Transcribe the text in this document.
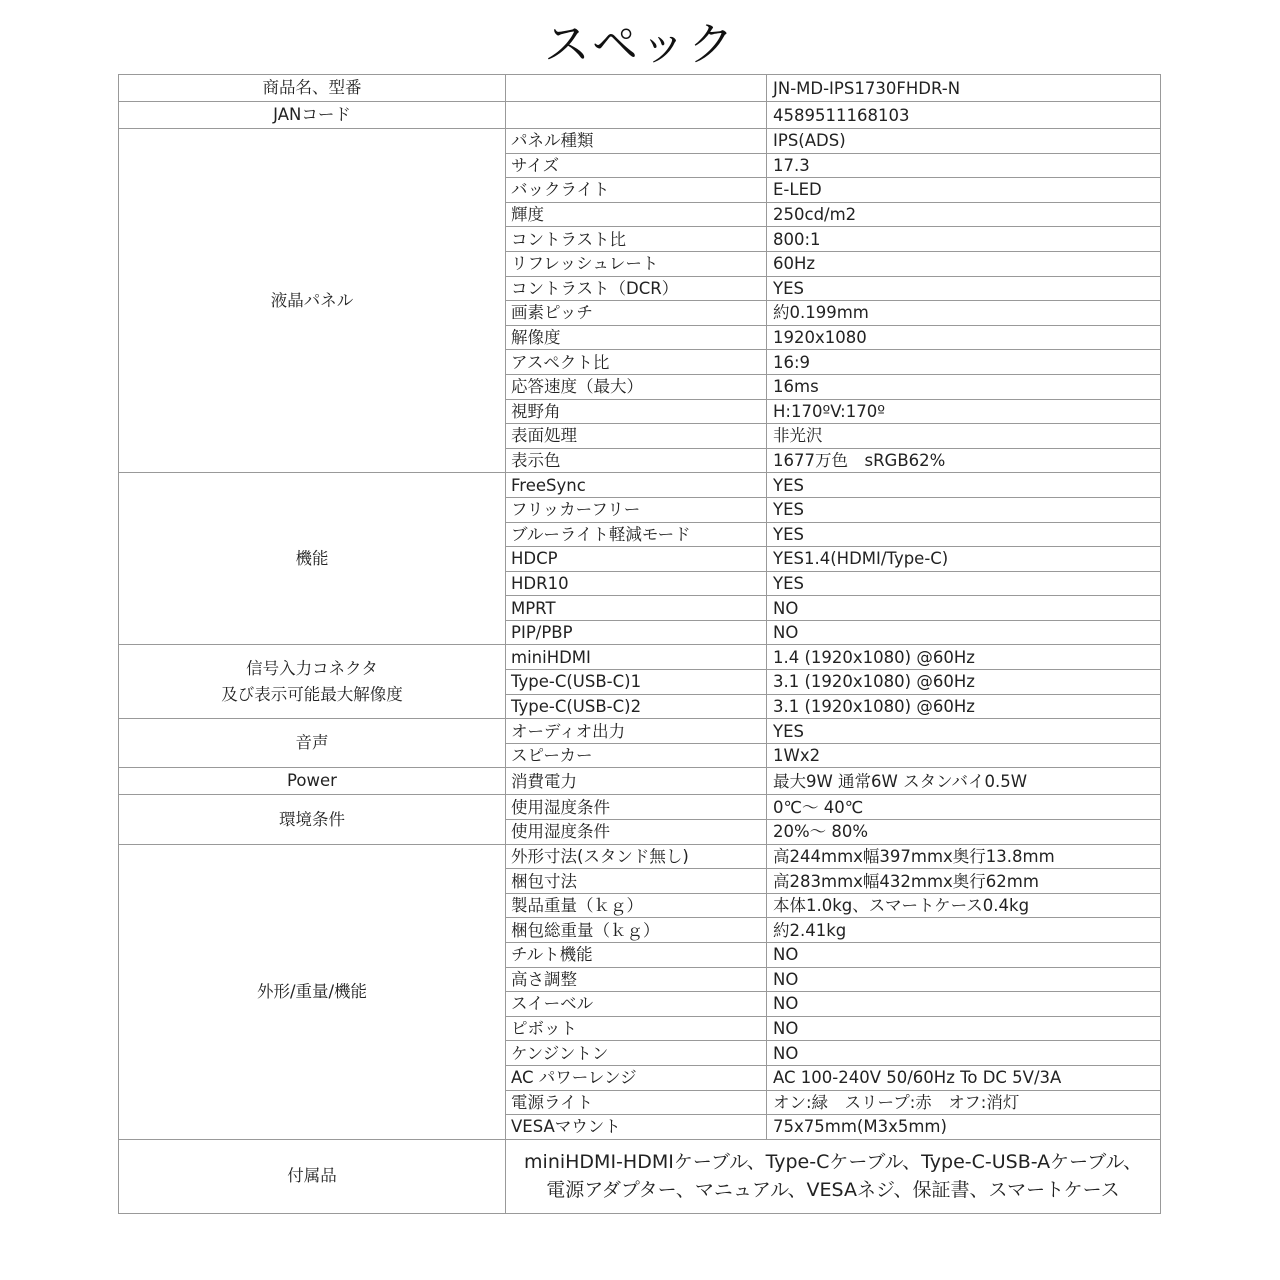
スペック
商品名、型番		JN-MD-IPS1730FHDR-N
JANコード		4589511168103
液晶パネル	パネル種類	IPS(ADS)
	サイズ	17.3
	バックライト	E-LED
	輝度	250cd/m2
	コントラスト比	800:1
	リフレッシュレート	60Hz
	コントラスト（DCR）	YES
	画素ピッチ	約0.199mm
	解像度	1920x1080
	アスペクト比	16:9
	応答速度（最大）	16ms
	視野角	H:170ºV:170º
	表面処理	非光沢
	表示色	1677万色　sRGB62%
機能	FreeSync	YES
	フリッカーフリー	YES
	ブルーライト軽減モード	YES
	HDCP	YES1.4(HDMI/Type-C)
	HDR10	YES
	MPRT	NO
	PIP/PBP	NO
信号入力コネクタ
及び表示可能最大解像度	miniHDMI	1.4 (1920x1080) @60Hz
	Type-C(USB-C)1	3.1 (1920x1080) @60Hz
	Type-C(USB-C)2	3.1 (1920x1080) @60Hz
音声	オーディオ出力	YES
	スピーカー	1Wx2
Power	消費電力	最大9W 通常6W スタンバイ0.5W
環境条件	使用湿度条件	0℃～ 40℃
	使用湿度条件	20%～ 80%
外形/重量/機能	外形寸法(スタンド無し)	高244mmx幅397mmx奥行13.8mm
	梱包寸法	高283mmx幅432mmx奥行62mm
	製品重量（ｋｇ）	本体1.0kg、スマートケース0.4kg
	梱包総重量（ｋｇ）	約2.41kg
	チルト機能	NO
	高さ調整	NO
	スイーベル	NO
	ピボット	NO
	ケンジントン	NO
	AC パワーレンジ	AC 100-240V 50/60Hz To DC 5V/3A
	電源ライト	オン:緑　スリープ:赤　オフ:消灯
	VESAマウント	75x75mm(M3x5mm)
付属品	miniHDMI-HDMIケーブル、Type-Cケーブル、Type-C-USB-Aケーブル、
電源アダプター、マニュアル、VESAネジ、保証書、スマートケース	
